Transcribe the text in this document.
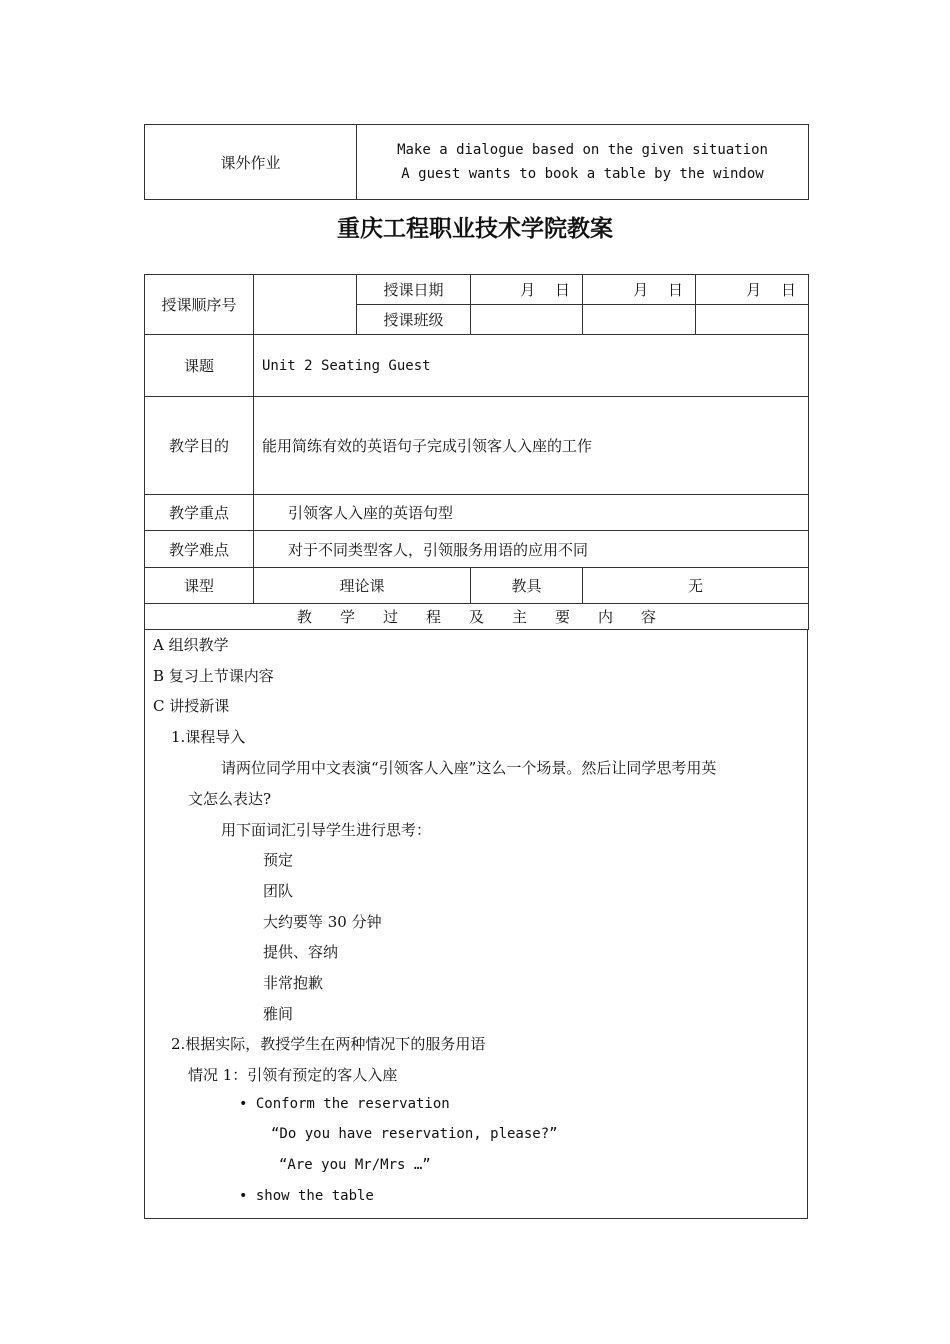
课外作业	
Make a dialogue based on the given situation
A guest wants to book a table by the window
重庆工程职业技术学院教案
授课顺序号		授课日期	月　 日	月　 日	月　 日
		授课班级			
课题	Unit 2 Seating Guest				
教学目的	能用简练有效的英语句子完成引领客人入座的工作				
教学重点	引领客人入座的英语句型				
教学难点	对于不同类型客人，引领服务用语的应用不同				
课型	理论课		教具	无	
教 学 过 程 及 主 要 内 容					
A 组织教学
B 复习上节课内容
C 讲授新课
1.课程导入
请两位同学用中文表演“引领客人入座”这么一个场景。然后让同学思考用英
文怎么表达?
用下面词汇引导学生进行思考：
预定
团队
大约要等 30 分钟
提供、容纳
非常抱歉
雅间
2.根据实际，教授学生在两种情况下的服务用语
情况 1：引领有预定的客人入座
• Conform the reservation
“Do you have reservation, please?”
“Are you Mr/Mrs …”
• show the table
